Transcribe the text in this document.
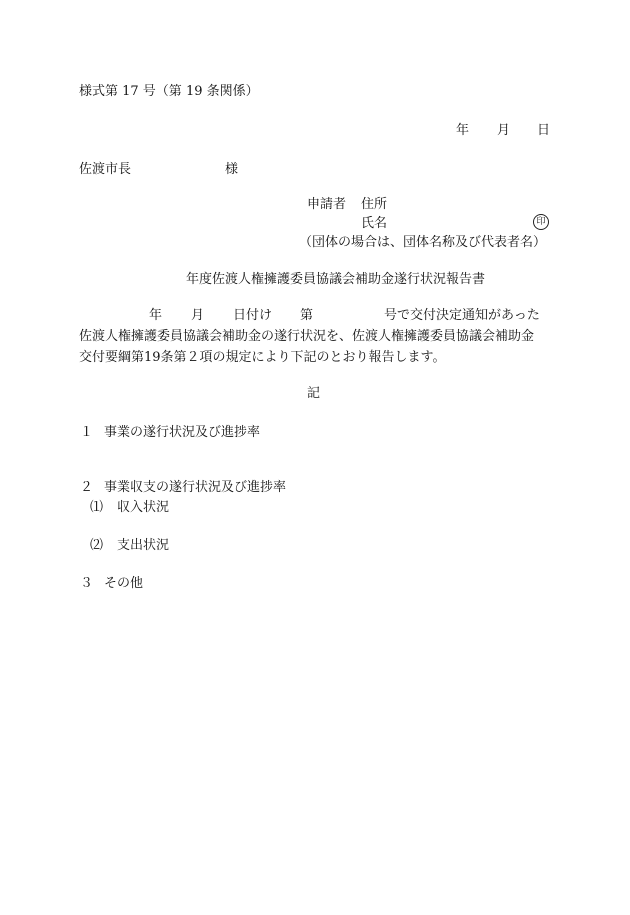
様式第 17 号（第 19 条関係）
年 月 日
佐渡市長	様
申請者 住所
氏名	印
（団体の場合は、団体名称及び代表者名）
年度佐渡人権擁護委員協議会補助金遂行状況報告書
年 月 日付け 第	号で交付決定通知があった
佐渡人権擁護委員協議会補助金の遂行状況を、佐渡人権擁護委員協議会補助金
交付要綱第19条第２項の規定により下記のとおり報告します。
記
１ 事業の遂行状況及び進捗率
２ 事業収支の遂行状況及び進捗率
⑴ 収入状況
⑵ 支出状況
３ その他
